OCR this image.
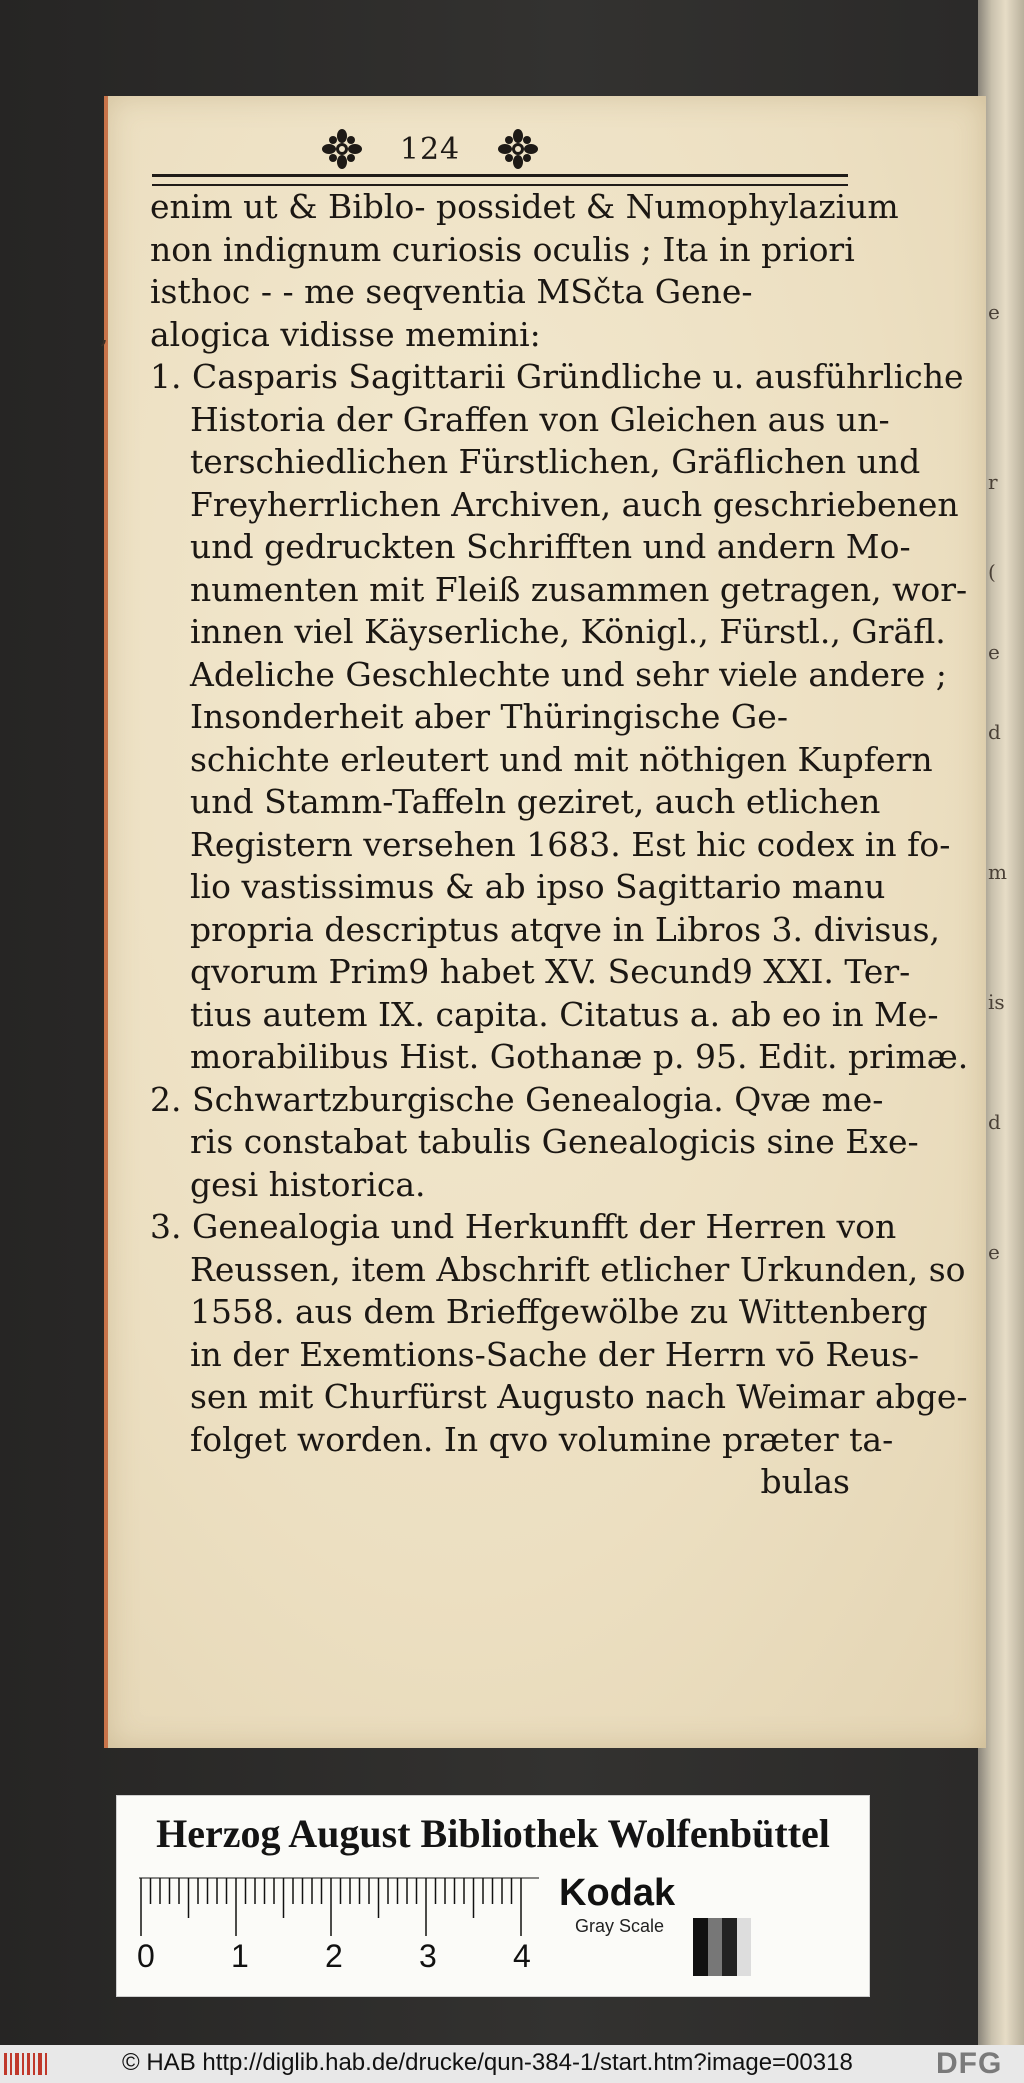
e
r
(
e
d
m
is
d
e
124
,
enim ut & Biblo- possidet & Numophylazium
non indignum curiosis oculis ; Ita in priori
isthoc - - me seqventia MSčta Gene-
alogica vidisse memini:
1. Casparis Sagittarii Gründliche u. ausführliche
Historia der Graffen von Gleichen aus un-
terschiedlichen Fürstlichen, Gräflichen und
Freyherrlichen Archiven, auch geschriebenen
und gedruckten Schrifften und andern Mo-
numenten mit Fleiß zusammen getragen, wor-
innen viel Käyserliche, Königl., Fürstl., Gräfl.
Adeliche Geschlechte und sehr viele andere ;
Insonderheit aber Thüringische Ge-
schichte erleutert und mit nöthigen Kupfern
und Stamm-Taffeln geziret, auch etlichen
Registern versehen 1683. Est hic codex in fo-
lio vastissimus & ab ipso Sagittario manu
propria descriptus atqve in Libros 3. divisus,
qvorum Prim9 habet XV. Secund9 XXI. Ter-
tius autem IX. capita. Citatus a. ab eo in Me-
morabilibus Hist. Gothanæ p. 95. Edit. primæ.
2. Schwartzburgische Genealogia. Qvæ me-
ris constabat tabulis Genealogicis sine Exe-
gesi historica.
3. Genealogia und Herkunfft der Herren von
Reussen, item Abschrift etlicher Urkunden, so
1558. aus dem Brieffgewölbe zu Wittenberg
in der Exemtions-Sache der Herrn vō Reus-
sen mit Churfürst Augusto nach Weimar abge-
folget worden. In qvo volumine præter ta-
bulas
Herzog August Bibliothek Wolfenbüttel
0 1 2 3 4
Kodak
Gray Scale
© HAB http://diglib.hab.de/drucke/qun-384-1/start.htm?image=00318	DFG
